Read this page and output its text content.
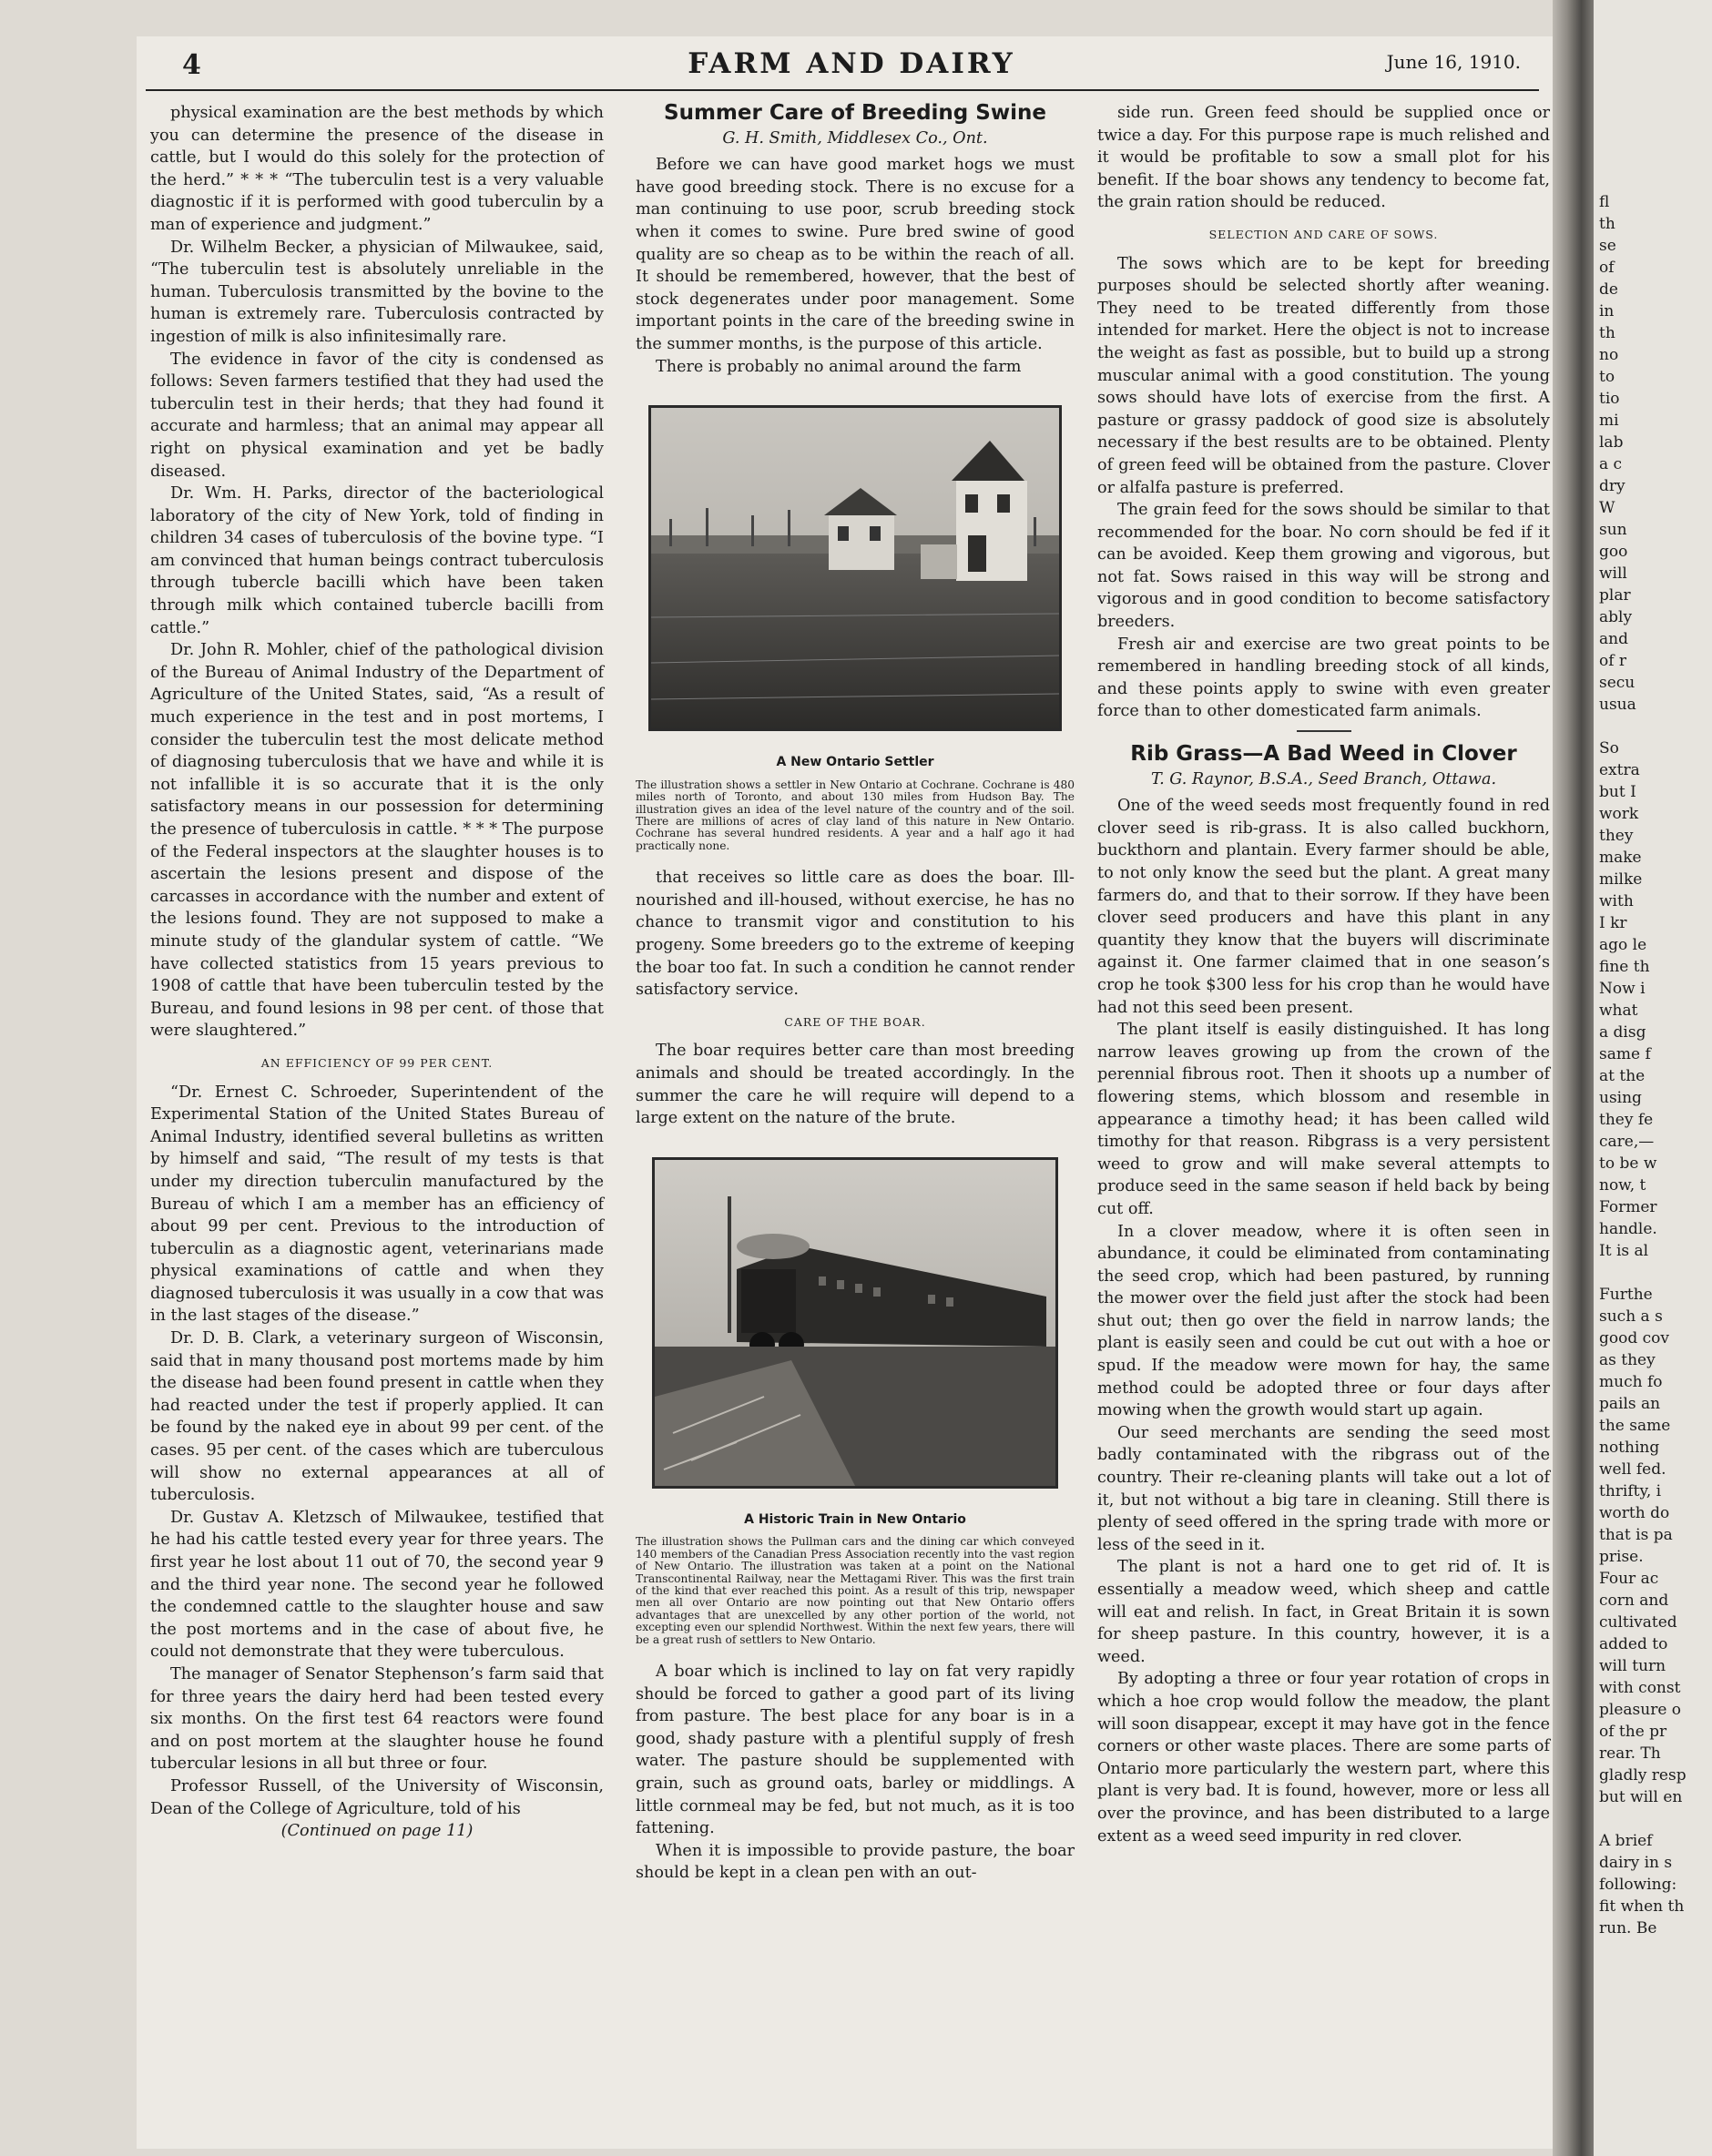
4	FARM AND DAIRY	June 16, 1910.

physical examination are the best methods by which you can determine the presence of the disease in cattle, but I would do this solely for the protection of the herd.” * * * “The tuberculin test is a very valuable diagnostic if it is performed with good tuberculin by a man of experience and judgment.”

Dr. Wilhelm Becker, a physician of Milwaukee, said, “The tuberculin test is absolutely unreliable in the human. Tuberculosis transmitted by the bovine to the human is extremely rare. Tuberculosis contracted by ingestion of milk is also infinitesimally rare.

The evidence in favor of the city is condensed as follows: Seven farmers testified that they had used the tuberculin test in their herds; that they had found it accurate and harmless; that an animal may appear all right on physical examination and yet be badly diseased.

Dr. Wm. H. Parks, director of the bacteriological laboratory of the city of New York, told of finding in children 34 cases of tuberculosis of the bovine type. “I am convinced that human beings contract tuberculosis through tubercle bacilli which have been taken through milk which contained tubercle bacilli from cattle.”

Dr. John R. Mohler, chief of the pathological division of the Bureau of Animal Industry of the Department of Agriculture of the United States, said, “As a result of much experience in the test and in post mortems, I consider the tuberculin test the most delicate method of diagnosing tuberculosis that we have and while it is not infallible it is so accurate that it is the only satisfactory means in our possession for determining the presence of tuberculosis in cattle. * * * The purpose of the Federal inspectors at the slaughter houses is to ascertain the lesions present and dispose of the carcasses in accordance with the number and extent of the lesions found. They are not supposed to make a minute study of the glandular system of cattle. “We have collected statistics from 15 years previous to 1908 of cattle that have been tuberculin tested by the Bureau, and found lesions in 98 per cent. of those that were slaughtered.”

AN EFFICIENCY OF 99 PER CENT.

“Dr. Ernest C. Schroeder, Superintendent of the Experimental Station of the United States Bureau of Animal Industry, identified several bulletins as written by himself and said, “The result of my tests is that under my direction tuberculin manufactured by the Bureau of which I am a member has an efficiency of about 99 per cent. Previous to the introduction of tuberculin as a diagnostic agent, veterinarians made physical examinations of cattle and when they diagnosed tuberculosis it was usually in a cow that was in the last stages of the disease.”

Dr. D. B. Clark, a veterinary surgeon of Wisconsin, said that in many thousand post mortems made by him the disease had been found present in cattle when they had reacted under the test if properly applied. It can be found by the naked eye in about 99 per cent. of the cases. 95 per cent. of the cases which are tuberculous will show no external appearances at all of tuberculosis.

Dr. Gustav A. Kletzsch of Milwaukee, testified that he had his cattle tested every year for three years. The first year he lost about 11 out of 70, the second year 9 and the third year none. The second year he followed the condemned cattle to the slaughter house and saw the post mortems and in the case of about five, he could not demonstrate that they were tuberculous.

The manager of Senator Stephenson’s farm said that for three years the dairy herd had been tested every six months. On the first test 64 reactors were found and on post mortem at the slaughter house he found tubercular lesions in all but three or four.

Professor Russell, of the University of Wisconsin, Dean of the College of Agriculture, told of his

(Continued on page 11)
Summer Care of Breeding Swine
G. H. Smith, Middlesex Co., Ont.

Before we can have good market hogs we must have good breeding stock. There is no excuse for a man continuing to use poor, scrub breeding stock when it comes to swine. Pure bred swine of good quality are so cheap as to be within the reach of all. It should be remembered, however, that the best of stock degenerates under poor management. Some important points in the care of the breeding swine in the summer months, is the purpose of this article.

There is probably no animal around the farm

A New Ontario Settler
The illustration shows a settler in New Ontario at Cochrane. Cochrane is 480 miles north of Toronto, and about 130 miles from Hudson Bay. The illustration gives an idea of the level nature of the country and of the soil. There are millions of acres of clay land of this nature in New Ontario. Cochrane has several hundred residents. A year and a half ago it had practically none.

that receives so little care as does the boar. Ill-nourished and ill-housed, without exercise, he has no chance to transmit vigor and constitution to his progeny. Some breeders go to the extreme of keeping the boar too fat. In such a condition he cannot render satisfactory service.

CARE OF THE BOAR.

The boar requires better care than most breeding animals and should be treated accordingly. In the summer the care he will require will depend to a large extent on the nature of the brute.

A Historic Train in New Ontario
The illustration shows the Pullman cars and the dining car which conveyed 140 members of the Canadian Press Association recently into the vast region of New Ontario. The illustration was taken at a point on the National Transcontinental Railway, near the Mettagami River. This was the first train of the kind that ever reached this point. As a result of this trip, newspaper men all over Ontario are now pointing out that New Ontario offers advantages that are unexcelled by any other portion of the world, not excepting even our splendid Northwest. Within the next few years, there will be a great rush of settlers to New Ontario.

A boar which is inclined to lay on fat very rapidly should be forced to gather a good part of its living from pasture. The best place for any boar is in a good, shady pasture with a plentiful supply of fresh water. The pasture should be supplemented with grain, such as ground oats, barley or middlings. A little cornmeal may be fed, but not much, as it is too fattening.

When it is impossible to provide pasture, the boar should be kept in a clean pen with an out-

side run. Green feed should be supplied once or twice a day. For this purpose rape is much relished and it would be profitable to sow a small plot for his benefit. If the boar shows any tendency to become fat, the grain ration should be reduced.

SELECTION AND CARE OF SOWS.

The sows which are to be kept for breeding purposes should be selected shortly after weaning. They need to be treated differently from those intended for market. Here the object is not to increase the weight as fast as possible, but to build up a strong muscular animal with a good constitution. The young sows should have lots of exercise from the first. A pasture or grassy paddock of good size is absolutely necessary if the best results are to be obtained. Plenty of green feed will be obtained from the pasture. Clover or alfalfa pasture is preferred.

The grain feed for the sows should be similar to that recommended for the boar. No corn should be fed if it can be avoided. Keep them growing and vigorous, but not fat. Sows raised in this way will be strong and vigorous and in good condition to become satisfactory breeders.

Fresh air and exercise are two great points to be remembered in handling breeding stock of all kinds, and these points apply to swine with even greater force than to other domesticated farm animals.

Rib Grass—A Bad Weed in Clover
T. G. Raynor, B.S.A., Seed Branch, Ottawa.

One of the weed seeds most frequently found in red clover seed is rib-grass. It is also called buckhorn, buckthorn and plantain. Every farmer should be able, to not only know the seed but the plant. A great many farmers do, and that to their sorrow. If they have been clover seed producers and have this plant in any quantity they know that the buyers will discriminate against it. One farmer claimed that in one season’s crop he took $300 less for his crop than he would have had not this seed been present.

The plant itself is easily distinguished. It has long narrow leaves growing up from the crown of the perennial fibrous root. Then it shoots up a number of flowering stems, which blossom and resemble in appearance a timothy head; it has been called wild timothy for that reason. Ribgrass is a very persistent weed to grow and will make several attempts to produce seed in the same season if held back by being cut off.

In a clover meadow, where it is often seen in abundance, it could be eliminated from contaminating the seed crop, which had been pastured, by running the mower over the field just after the stock had been shut out; then go over the field in narrow lands; the plant is easily seen and could be cut out with a hoe or spud. If the meadow were mown for hay, the same method could be adopted three or four days after mowing when the growth would start up again.

Our seed merchants are sending the seed most badly contaminated with the ribgrass out of the country. Their re-cleaning plants will take out a lot of it, but not without a big tare in cleaning. Still there is plenty of seed offered in the spring trade with more or less of the seed in it.

The plant is not a hard one to get rid of. It is essentially a meadow weed, which sheep and cattle will eat and relish. In fact, in Great Britain it is sown for sheep pasture. In this country, however, it is a weed.

By adopting a three or four year rotation of crops in which a hoe crop would follow the meadow, the plant will soon disappear, except it may have got in the fence corners or other waste places. There are some parts of Ontario more particularly the western part, where this plant is very bad. It is found, however, more or less all over the province, and has been distributed to a large extent as a weed seed impurity in red clover.

fl
th
se
of
de
in
th
no
to
tio
mi
lab
a c
dry
W
sun
goo
will
plar
ably
and
of r
secu
usua

So
extra
but I
work
they
make
milke
with
I kr
ago le
fine th
Now i
what
a disg
same f
at the
using
they fe
care,—
to be w
now, t
Former
handle.
It is al

Furthe
such a s
good cov
as they
much fo
pails an
the same
nothing
well fed.
thrifty, i
worth do
that is pa
prise.
Four ac
corn and
cultivated
added to
will turn
with const
pleasure o
of the pr
rear. Th
gladly resp
but will en

A brief
dairy in s
following:
fit when th
run. Be
